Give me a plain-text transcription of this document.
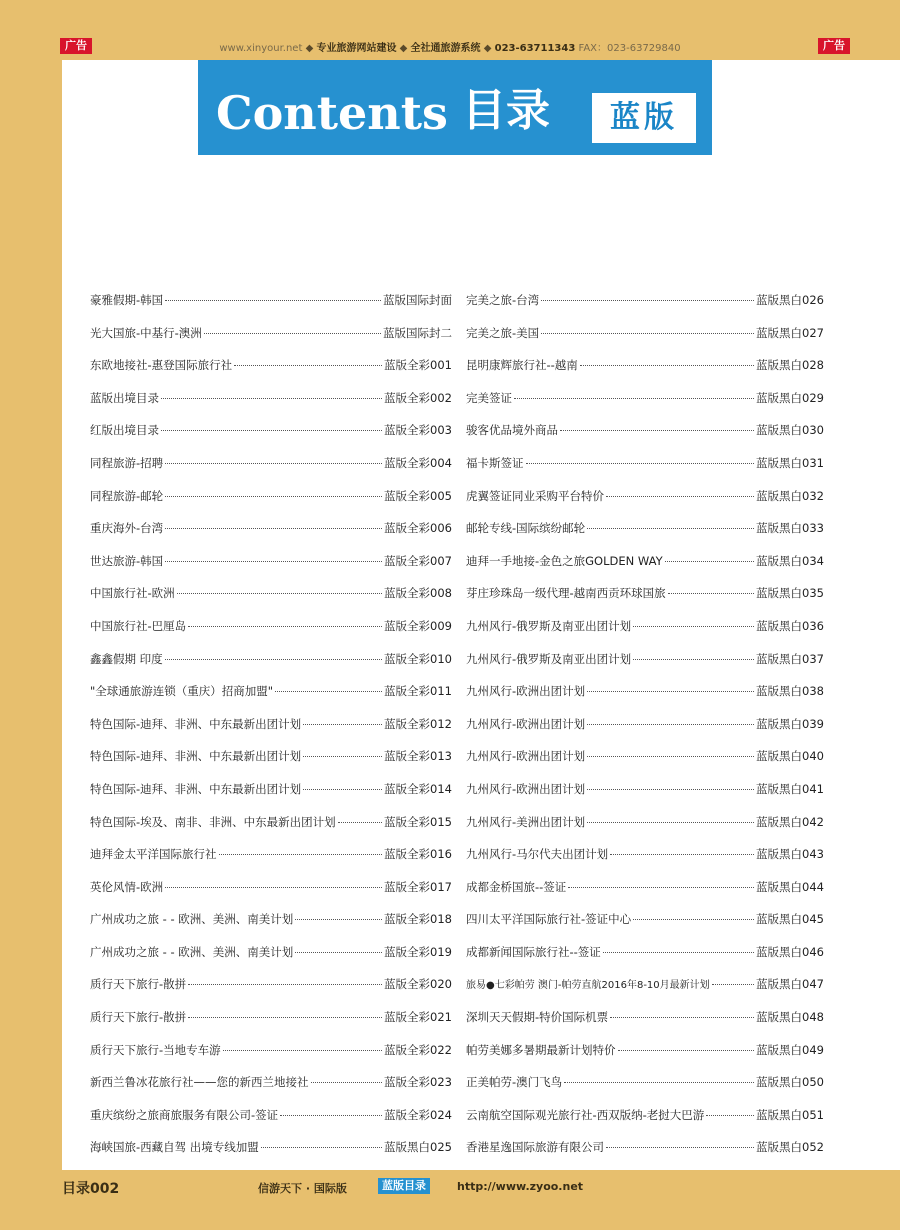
广告	www.xinyour.net ◆ 专业旅游网站建设 ◆ 全社通旅游系统 ◆ 023-63711343 FAX：023-63729840	广告
Contents 目录	蓝版
豪雅假期-韩国	蓝版国际封面
光大国旅-中基行-澳洲	蓝版国际封二
东欧地接社-惠登国际旅行社	蓝版全彩001
蓝版出境目录	蓝版全彩002
红版出境目录	蓝版全彩003
同程旅游-招聘	蓝版全彩004
同程旅游-邮轮	蓝版全彩005
重庆海外-台湾	蓝版全彩006
世达旅游-韩国	蓝版全彩007
中国旅行社-欧洲	蓝版全彩008
中国旅行社-巴厘岛	蓝版全彩009
鑫鑫假期 印度	蓝版全彩010
"全球通旅游连锁（重庆）招商加盟"	蓝版全彩011
特色国际-迪拜、非洲、中东最新出团计划	蓝版全彩012
特色国际-迪拜、非洲、中东最新出团计划	蓝版全彩013
特色国际-迪拜、非洲、中东最新出团计划	蓝版全彩014
特色国际-埃及、南非、非洲、中东最新出团计划	蓝版全彩015
迪拜金太平洋国际旅行社	蓝版全彩016
英伦风情-欧洲	蓝版全彩017
广州成功之旅 - - 欧洲、美洲、南美计划	蓝版全彩018
广州成功之旅 - - 欧洲、美洲、南美计划	蓝版全彩019
质行天下旅行-散拼	蓝版全彩020
质行天下旅行-散拼	蓝版全彩021
质行天下旅行-当地专车游	蓝版全彩022
新西兰鲁冰花旅行社——您的新西兰地接社	蓝版全彩023
重庆缤纷之旅商旅服务有限公司-签证	蓝版全彩024
海峡国旅-西藏自驾 出境专线加盟	蓝版黑白025
完美之旅-台湾	蓝版黑白026
完美之旅-美国	蓝版黑白027
昆明康辉旅行社--越南	蓝版黑白028
完美签证	蓝版黑白029
骏客优品境外商品	蓝版黑白030
福卡斯签证	蓝版黑白031
虎翼签证同业采购平台特价	蓝版黑白032
邮轮专线-国际缤纷邮轮	蓝版黑白033
迪拜一手地接-金色之旅GOLDEN WAY	蓝版黑白034
芽庄珍珠岛一级代理-越南西贡环球国旅	蓝版黑白035
九州风行-俄罗斯及南亚出团计划	蓝版黑白036
九州风行-俄罗斯及南亚出团计划	蓝版黑白037
九州风行-欧洲出团计划	蓝版黑白038
九州风行-欧洲出团计划	蓝版黑白039
九州风行-欧洲出团计划	蓝版黑白040
九州风行-欧洲出团计划	蓝版黑白041
九州风行-美洲出团计划	蓝版黑白042
九州风行-马尔代夫出团计划	蓝版黑白043
成都金桥国旅--签证	蓝版黑白044
四川太平洋国际旅行社-签证中心	蓝版黑白045
成都新闻国际旅行社--签证	蓝版黑白046
旅易●七彩帕劳 澳门-帕劳直航2016年8-10月最新计划	蓝版黑白047
深圳天天假期-特价国际机票	蓝版黑白048
帕劳美娜多暑期最新计划特价	蓝版黑白049
正美帕劳-澳门飞鸟	蓝版黑白050
云南航空国际观光旅行社-西双版纳-老挝大巴游	蓝版黑白051
香港星逸国际旅游有限公司	蓝版黑白052
目录002	信游天下 · 国际版	蓝版目录	http://www.zyoo.net
